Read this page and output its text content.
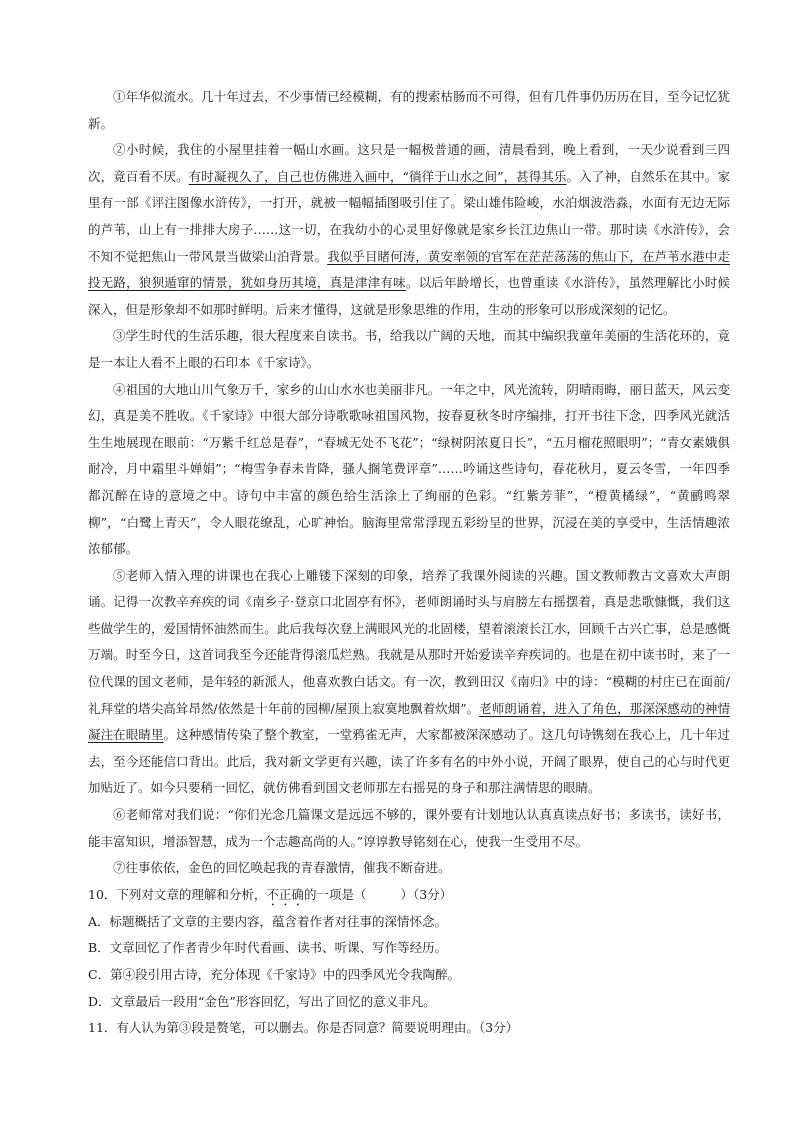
①年华似流水。几十年过去，不少事情已经模糊，有的搜索枯肠而不可得，但有几件事仍历历在目，至今记忆犹新。

②小时候，我住的小屋里挂着一幅山水画。这只是一幅极普通的画，清晨看到，晚上看到，一天少说看到三四次，竟百看不厌。有时凝视久了，自己也仿佛进入画中，“徜徉于山水之间”，甚得其乐。入了神，自然乐在其中。家里有一部《评注图像水浒传》，一打开，就被一幅幅插图吸引住了。梁山雄伟险峻，水泊烟波浩淼，水面有无边无际的芦苇，山上有一排排大房子……这一切，在我幼小的心灵里好像就是家乡长江边焦山一带。那时读《水浒传》，会不知不觉把焦山一带风景当做梁山泊背景。我似乎目睹何涛，黄安率领的官军在茫茫荡荡的焦山下，在芦苇水港中走投无路，狼狈遁窜的情景，犹如身历其境，真是津津有味。以后年龄增长，也曾重读《水浒传》，虽然理解比小时候深入，但是形象却不如那时鲜明。后来才懂得，这就是形象思维的作用，生动的形象可以形成深刻的记忆。

③学生时代的生活乐趣，很大程度来自读书。书，给我以广阔的天地，而其中编织我童年美丽的生活花环的，竟是一本让人看不上眼的石印本《千家诗》。

④祖国的大地山川气象万千，家乡的山山水水也美丽非凡。一年之中，风光流转，阴晴雨晦，丽日蓝天，风云变幻，真是美不胜收。《千家诗》中很大部分诗歌歌咏祖国风物，按春夏秋冬时序编排，打开书往下念，四季风光就活生生地展现在眼前：“万紫千红总是春”，“春城无处不飞花”；“绿树阴浓夏日长”，“五月榴花照眼明”；“青女素娥俱耐冷，月中霜里斗婵娟”；“梅雪争春未肯降，骚人搁笔费评章”……吟诵这些诗句，春花秋月，夏云冬雪，一年四季都沉醉在诗的意境之中。诗句中丰富的颜色给生活涂上了绚丽的色彩。“红紫芳菲”，“橙黄橘绿”，“黄鹂鸣翠柳”，“白鹭上青天”，令人眼花缭乱，心旷神怡。脑海里常常浮现五彩纷呈的世界，沉浸在美的享受中，生活情趣浓浓郁郁。

⑤老师入情入理的讲课也在我心上雕镂下深刻的印象，培养了我课外阅读的兴趣。国文教师教古文喜欢大声朗诵。记得一次教辛弃疾的词《南乡子·登京口北固亭有怀》，老师朗诵时头与肩膀左右摇摆着，真是悲歌慷慨，我们这些做学生的，爱国情怀油然而生。此后我每次登上满眼风光的北固楼，望着滚滚长江水，回顾千古兴亡事，总是感慨万端。时至今日，这首词我至今还能背得滚瓜烂熟。我就是从那时开始爱读辛弃疾词的。也是在初中读书时，来了一位代课的国文老师，是年轻的新派人，他喜欢教白话文。有一次，教到田汉《南归》中的诗：“模糊的村庄已在面前/礼拜堂的塔尖高耸昂然/依然是十年前的园柳/屋顶上寂寞地飘着炊烟”。老师朗诵着，进入了角色，那深深感动的神情凝注在眼睛里。这种感情传染了整个教室，一堂鸦雀无声，大家都被深深感动了。这几句诗镌刻在我心上，几十年过去，至今还能信口背出。此后，我对新文学更有兴趣，读了许多有名的中外小说，开阔了眼界，使自己的心与时代更加贴近了。如今只要稍一回忆，就仿佛看到国文老师那左右摇晃的身子和那注满情思的眼睛。

⑥老师常对我们说：“你们光念几篇课文是远远不够的，课外要有计划地认认真真读点好书；多读书，读好书，能丰富知识，增添智慧，成为一个志趣高尚的人。”谆谆教导铭刻在心，使我一生受用不尽。

⑦往事依依，金色的回忆唤起我的青春激情，催我不断奋进。

10．下列对文章的理解和分析，不正确的一项是（	）（3分）

A．标题概括了文章的主要内容，蕴含着作者对往事的深情怀念。

B．文章回忆了作者青少年时代看画、读书、听课、写作等经历。

C．第④段引用古诗，充分体现《千家诗》中的四季风光令我陶醉。

D．文章最后一段用“金色”形容回忆，写出了回忆的意义非凡。

11．有人认为第③段是赘笔，可以删去。你是否同意？简要说明理由。（3分）
